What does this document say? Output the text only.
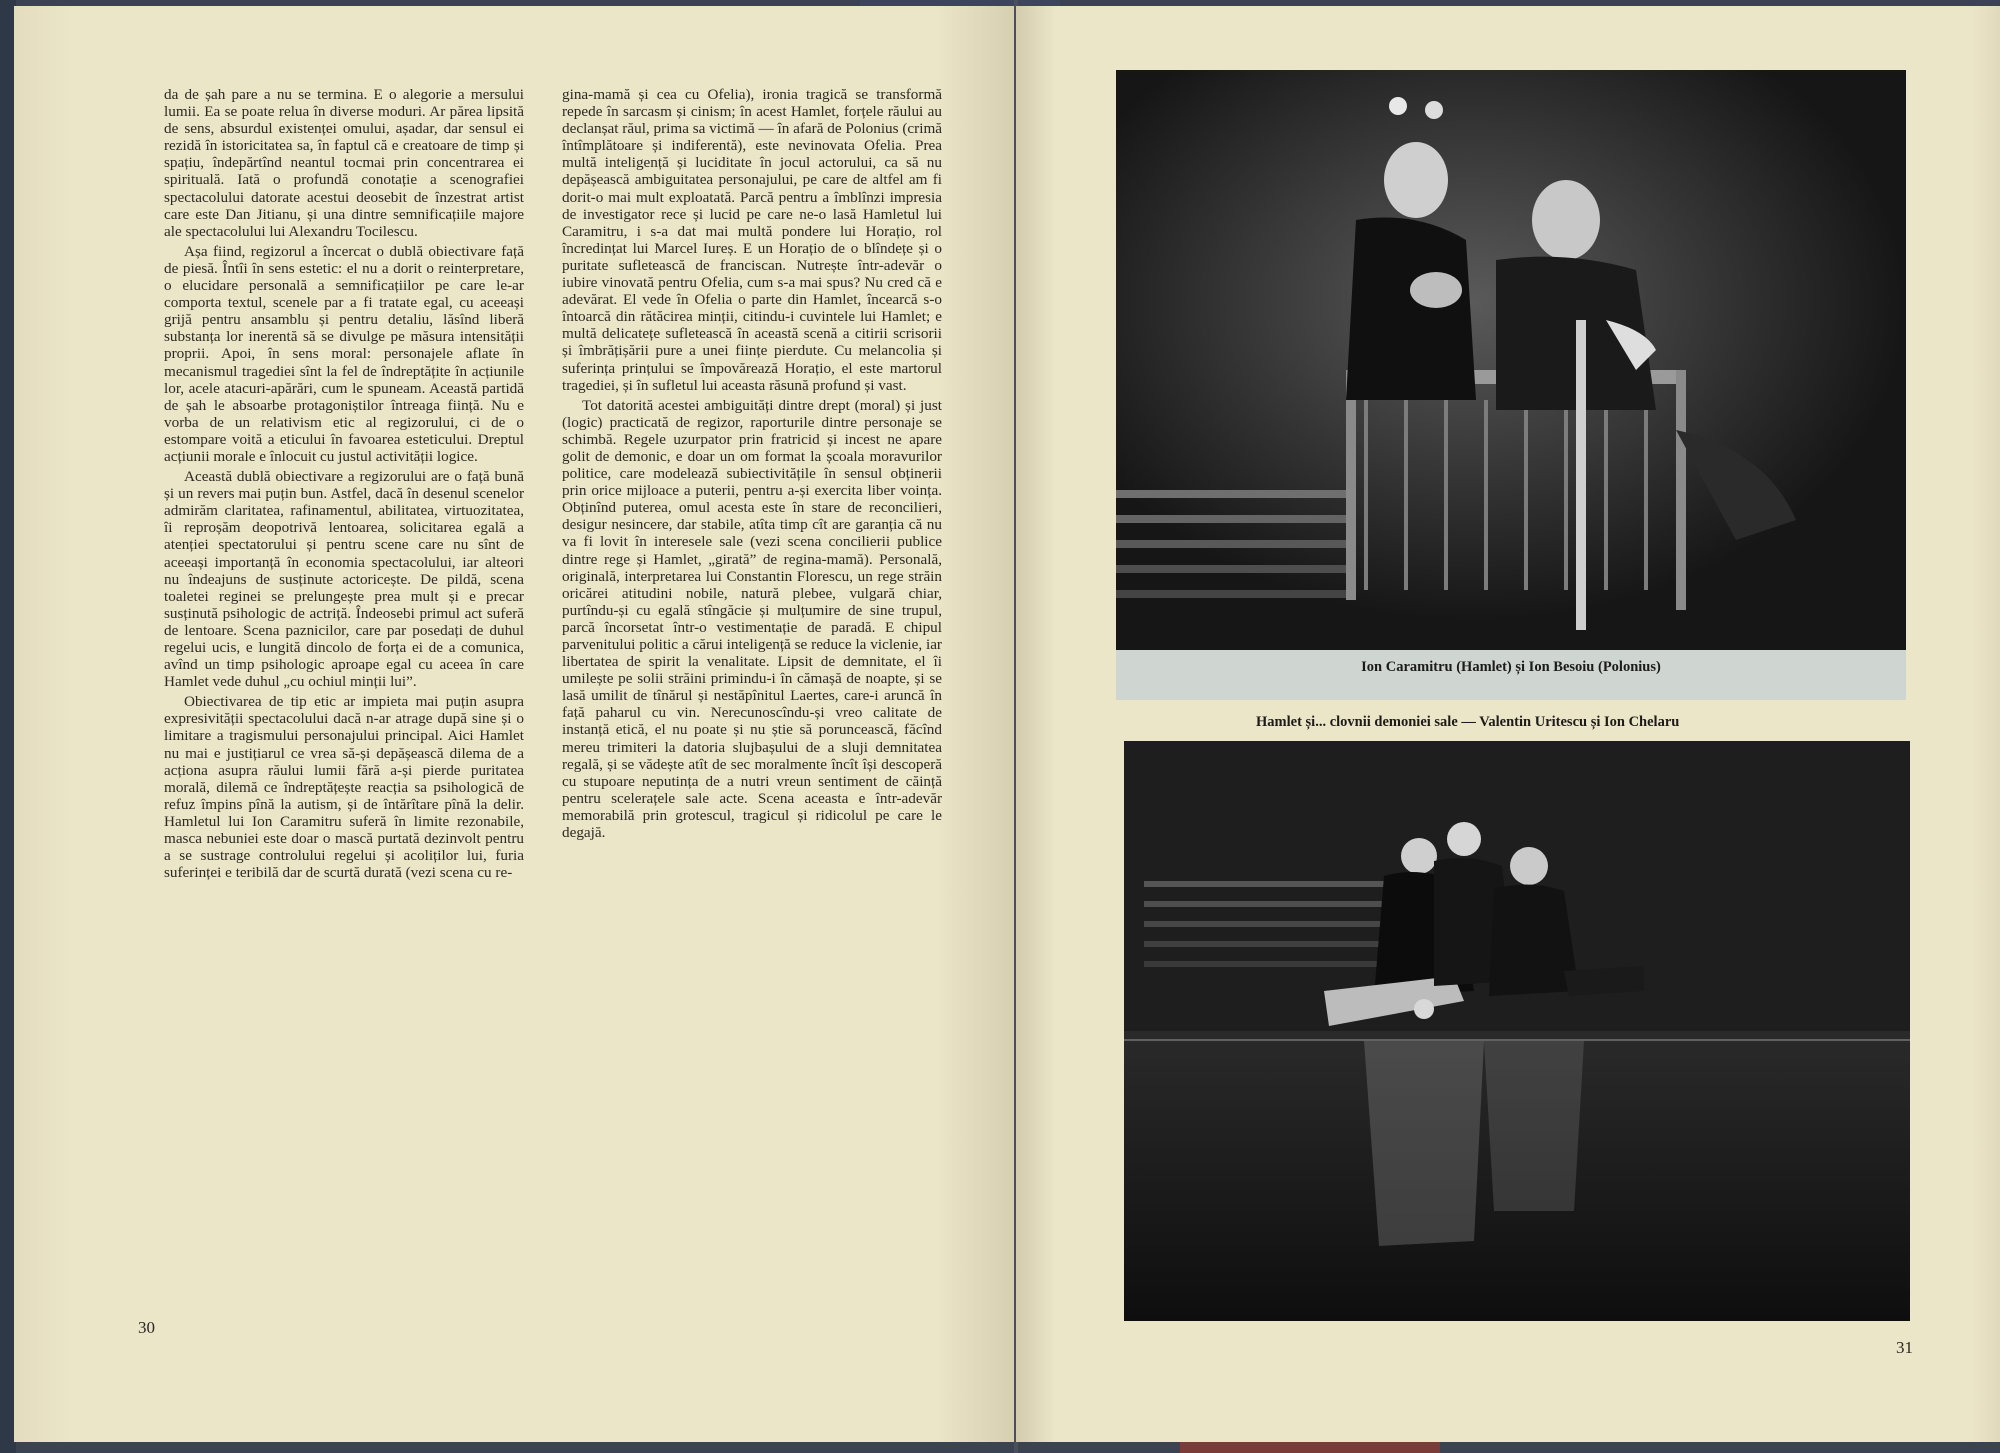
da de șah pare a nu se termina. E o alegorie a mersului lumii. Ea se poate relua în diverse moduri. Ar părea lipsită de sens, absurdul existenței omului, așadar, dar sensul ei rezidă în istoricitatea sa, în faptul că e creatoare de timp și spațiu, îndepărtînd neantul tocmai prin concentrarea ei spirituală. Iată o profundă conotație a scenografiei spectacolului datorate acestui deosebit de înzestrat artist care este Dan Jitianu, și una dintre semnificațiile majore ale spectacolului lui Alexandru Tocilescu.

Așa fiind, regizorul a încercat o dublă obiectivare față de piesă. Întîi în sens estetic: el nu a dorit o reinterpretare, o elucidare personală a semnificațiilor pe care le-ar comporta textul, scenele par a fi tratate egal, cu aceeași grijă pentru ansamblu și pentru detaliu, lăsînd liberă substanța lor inerentă să se divulge pe măsura intensității proprii. Apoi, în sens moral: personajele aflate în mecanismul tragediei sînt la fel de îndreptățite în acțiunile lor, acele atacuri-apărări, cum le spuneam. Această partidă de șah le absoarbe protagoniștilor întreaga ființă. Nu e vorba de un relativism etic al regizorului, ci de o estompare voită a eticului în favoarea esteticului. Dreptul acțiunii morale e înlocuit cu justul activității logice.

Această dublă obiectivare a regizorului are o față bună și un revers mai puțin bun. Astfel, dacă în desenul scenelor admirăm claritatea, rafinamentul, abilitatea, virtuozitatea, îi reproșăm deopotrivă lentoarea, solicitarea egală a atenției spectatorului și pentru scene care nu sînt de aceeași importanță în economia spectacolului, iar alteori nu îndeajuns de susținute actoricește. De pildă, scena toaletei reginei se prelungește prea mult și e precar susținută psihologic de actriță. Îndeosebi primul act suferă de lentoare. Scena paznicilor, care par posedați de duhul regelui ucis, e lungită dincolo de forța ei de a comunica, avînd un timp psihologic aproape egal cu aceea în care Hamlet vede duhul „cu ochiul minții lui”.

Obiectivarea de tip etic ar impieta mai puțin asupra expresivității spectacolului dacă n-ar atrage după sine și o limitare a tragismului personajului principal. Aici Hamlet nu mai e justițiarul ce vrea să-și depășească dilema de a acționa asupra răului lumii fără a-și pierde puritatea morală, dilemă ce îndreptățește reacția sa psihologică de refuz împins pînă la autism, și de întărîtare pînă la delir. Hamletul lui Ion Caramitru suferă în limite rezonabile, masca nebuniei este doar o mască purtată dezinvolt pentru a se sustrage controlului regelui și acoliților lui, furia suferinței e teribilă dar de scurtă durată (vezi scena cu re-

gina-mamă și cea cu Ofelia), ironia tragică se transformă repede în sarcasm și cinism; în acest Hamlet, forțele răului au declanșat răul, prima sa victimă — în afară de Polonius (crimă întîmplătoare și indiferentă), este nevinovata Ofelia. Prea multă inteligență și luciditate în jocul actorului, ca să nu depășească ambiguitatea personajului, pe care de altfel am fi dorit-o mai mult exploatată. Parcă pentru a îmblînzi impresia de investigator rece și lucid pe care ne-o lasă Hamletul lui Caramitru, i s-a dat mai multă pondere lui Horațio, rol încredințat lui Marcel Iureș. E un Horațio de o blîndețe și o puritate sufletească de franciscan. Nutrește într-adevăr o iubire vinovată pentru Ofelia, cum s-a mai spus? Nu cred că e adevărat. El vede în Ofelia o parte din Hamlet, încearcă s-o întoarcă din rătăcirea minții, citindu-i cuvintele lui Hamlet; e multă delicatețe sufletească în această scenă a citirii scrisorii și îmbrățișării pure a unei ființe pierdute. Cu melancolia și suferința prințului se împovărează Horațio, el este martorul tragediei, și în sufletul lui aceasta răsună profund și vast.

Tot datorită acestei ambiguități dintre drept (moral) și just (logic) practicată de regizor, raporturile dintre personaje se schimbă. Regele uzurpator prin fratricid și incest ne apare golit de demonic, e doar un om format la școala moravurilor politice, care modelează subiectivitățile în sensul obținerii prin orice mijloace a puterii, pentru a-și exercita liber voința. Obținînd puterea, omul acesta este în stare de reconcilieri, desigur nesincere, dar stabile, atîta timp cît are garanția că nu va fi lovit în interesele sale (vezi scena concilierii publice dintre rege și Hamlet, „girată” de regina-mamă). Personală, originală, interpretarea lui Constantin Florescu, un rege străin oricărei atitudini nobile, natură plebee, vulgară chiar, purtîndu-și cu egală stîngăcie și mulțumire de sine trupul, parcă încorsetat într-o vestimentație de paradă. E chipul parvenitului politic a cărui inteligență se reduce la viclenie, iar libertatea de spirit la venalitate. Lipsit de demnitate, el îi umilește pe solii străini primindu-i în cămașă de noapte, și se lasă umilit de tînărul și nestăpînitul Laertes, care-i aruncă în față paharul cu vin. Nerecunoscîndu-și vreo calitate de instanță etică, el nu poate și nu știe să poruncească, făcînd mereu trimiteri la datoria slujbașului de a sluji demnitatea regală, și se vădește atît de sec moralmente încît își descoperă cu stupoare neputința de a nutri vreun sentiment de căință pentru scelerațele sale acte. Scena aceasta e într-adevăr memorabilă prin grotescul, tragicul și ridicolul pe care le degajă.

30
Ion Caramitru (Hamlet) și Ion Besoiu (Polonius)
Hamlet și... clovnii demoniei sale — Valentin Uritescu și Ion Chelaru
31
